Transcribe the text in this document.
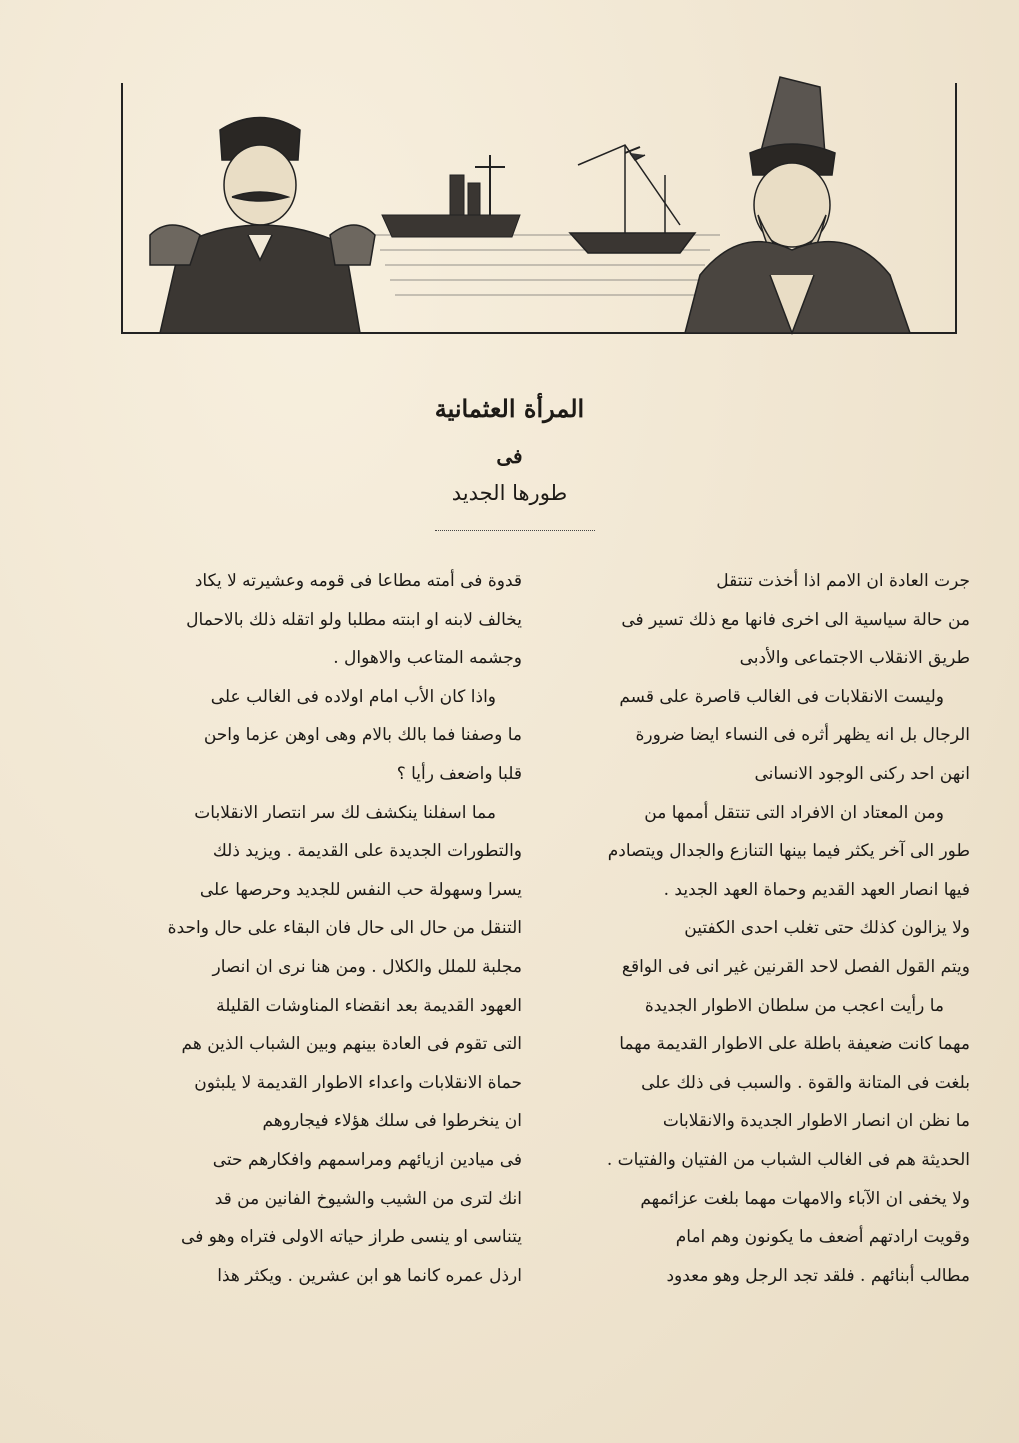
المرأة العثمانية
فى
طورها الجديد

جرت العادة ان الامم اذا أخذت تنتقل

من حالة سياسية الى اخرى فانها مع ذلك تسير فى

طريق الانقلاب الاجتماعى والأدبى

وليست الانقلابات فى الغالب قاصرة على قسم

الرجال بل انه يظهر أثره فى النساء ايضا ضرورة

انهن احد ركنى الوجود الانسانى

ومن المعتاد ان الافراد التى تنتقل أممها من

طور الى آخر يكثر فيما بينها التنازع والجدال ويتصادم

فيها انصار العهد القديم وحماة العهد الجديد .

ولا يزالون كذلك حتى تغلب احدى الكفتين

ويتم القول الفصل لاحد القرنين غير انى فى الواقع

ما رأيت اعجب من سلطان الاطوار الجديدة

مهما كانت ضعيفة باطلة على الاطوار القديمة مهما

بلغت فى المتانة والقوة . والسبب فى ذلك على

ما نظن ان انصار الاطوار الجديدة والانقلابات

الحديثة هم فى الغالب الشباب من الفتيان والفتيات .

ولا يخفى ان الآباء والامهات مهما بلغت عزائمهم

وقويت ارادتهم أضعف ما يكونون وهم امام

مطالب أبنائهم . فلقد تجد الرجل وهو معدود

قدوة فى أمته مطاعا فى قومه وعشيرته لا يكاد

يخالف لابنه او ابنته مطلبا ولو اتقله ذلك بالاحمال

وجشمه المتاعب والاهوال .

واذا كان الأب امام اولاده فى الغالب على

ما وصفنا فما بالك بالام وهى اوهن عزما واحن

قلبا واضعف رأيا ؟

مما اسفلنا ينكشف لك سر انتصار الانقلابات

والتطورات الجديدة على القديمة . ويزيد ذلك

يسرا وسهولة حب النفس للجديد وحرصها على

التنقل من حال الى حال فان البقاء على حال واحدة

مجلبة للملل والكلال . ومن هنا نرى ان انصار

العهود القديمة بعد انقضاء المناوشات القليلة

التى تقوم فى العادة بينهم وبين الشباب الذين هم

حماة الانقلابات واعداء الاطوار القديمة لا يلبثون

ان ينخرطوا فى سلك هؤلاء فيجاروهم

فى ميادين ازيائهم ومراسمهم وافكارهم حتى

انك لترى من الشيب والشيوخ الفانين من قد

يتناسى او ينسى طراز حياته الاولى فتراه وهو فى

ارذل عمره كانما هو ابن عشرين . ويكثر هذا
